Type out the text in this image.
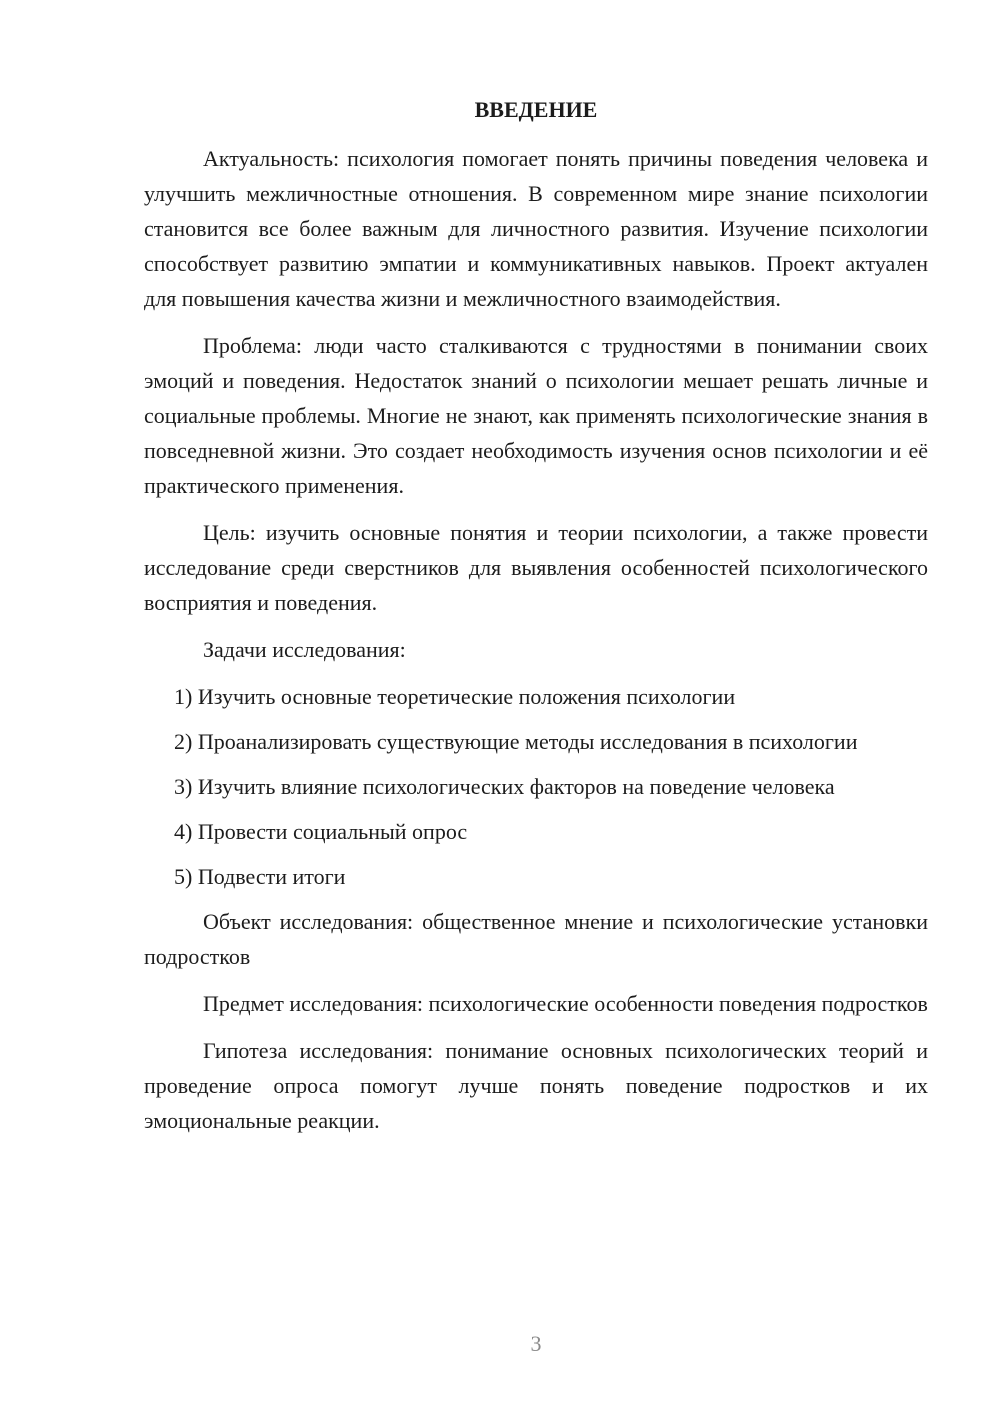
ВВЕДЕНИЕ

Актуальность: психология помогает понять причины поведения человека и улучшить межличностные отношения. В современном мире знание психологии становится все более важным для личностного развития. Изучение психологии способствует развитию эмпатии и коммуникативных навыков. Проект актуален для повышения качества жизни и межличностного взаимодействия.

Проблема: люди часто сталкиваются с трудностями в понимании своих эмоций и поведения. Недостаток знаний о психологии мешает решать личные и социальные проблемы. Многие не знают, как применять психологические знания в повседневной жизни. Это создает необходимость изучения основ психологии и её практического применения.

Цель: изучить основные понятия и теории психологии, а также провести исследование среди сверстников для выявления особенностей психологического восприятия и поведения.

Задачи исследования:

1) Изучить основные теоретические положения психологии

2) Проанализировать существующие методы исследования в психологии

3) Изучить влияние психологических факторов на поведение человека

4) Провести социальный опрос

5) Подвести итоги

Объект исследования: общественное мнение и психологические установки подростков

Предмет исследования: психологические особенности поведения подростков

Гипотеза исследования: понимание основных психологических теорий и проведение опроса помогут лучше понять поведение подростков и их эмоциональные реакции.

3
